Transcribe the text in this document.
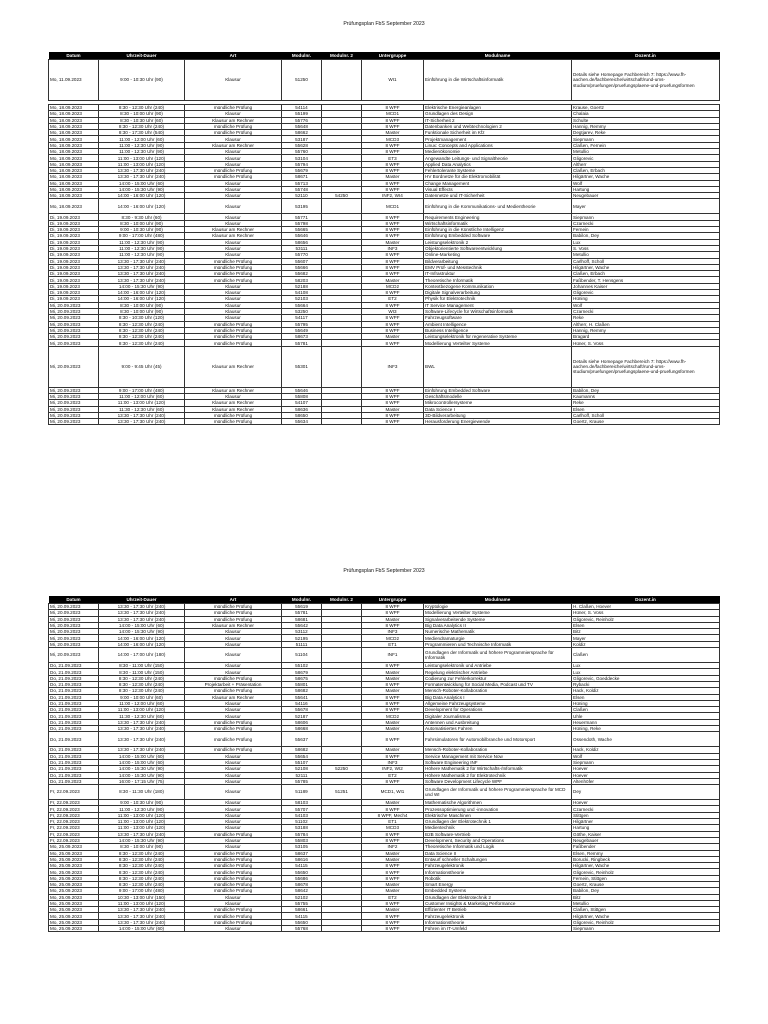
Prüfungsplan FbS September 2023
Datum	Uhrzeit-Dauer	Art	Modulnr.	Modulnr. 2	Untergruppe	Modulname	Dozent.in
Mo, 11.09.2023	9:00 - 10:30 Uhr (90)	Klausur	51250		WI1	Einführung in die Wirtschaftsinformatik	Details siehe Homepage Fachbereich 7: https://www.fh-aachen.de/fachbereiche/wirtschaft/rund-ums-studium/pruefungen/pruefungsplaene-und-pruefungsformen

Mo, 18.09.2023	8:30 - 12:30 Uhr (240)	mündliche Prüfung	54114		8 WPF	Elektrische Energieanlagen	Krause, Goertz
Mo, 18.09.2023	8:30 - 10:00 Uhr (90)	Klausur	55199		MCD1	Grundlagen des Design	Chalaia
Mo, 18.09.2023	8:30 - 10:30 Uhr (60)	Klausur am Rechner	55776		8 WPF	IT-Sicherheit 2	Schulte
Mo, 18.09.2023	8:30 - 12:30 Uhr (240)	mündliche Prüfung	55648		8 WPF	Datenbanken und Webtechnologien 2	Hannig, Remmy
Mo, 18.09.2023	8:30 - 17:30 Uhr (540)	mündliche Prüfung	58662		Master	Funktionale Sicherheit im Kfz	Degtjarev, Reke
Mo, 18.09.2023	11:00 - 12:00 Uhr (60)	Klausur	53187		MCD3	Projektmanagement	Siepmann
Mo, 18.09.2023	11:00 - 12:30 Uhr (90)	Klausur am Rechner	55628		8 WPF	Linux: Concepts and Applications	Claßen, Fernein
Mo, 18.09.2023	11:00 - 12:30 Uhr (90)	Klausur	55760		8 WPF	Medienökonomie	Metullio
Mo, 18.09.2023	11:00 - 13:00 Uhr (120)	Klausur	53104		ET3	Angewandte Leitungs- und Signaltheorie	Gligorevic
Mo, 18.09.2023	11:00 - 13:00 Uhr (120)	Klausur	55794		8 WPF	Applied Data Analytics	Altherr
Mo, 18.09.2023	13:30 - 17:30 Uhr (240)	mündliche Prüfung	55679		8 WPF	Fehlertolerante Systeme	Claßen, Erbach
Mo, 18.09.2023	13:30 - 17:30 Uhr (240)	mündliche Prüfung	58671		Master	HV Bordnetze für die Elektromobilität	Hilgärtner, Wache
Mo, 18.09.2023	14:00 - 15:00 Uhr (60)	Klausur	55713		8 WPF	Change Management	Wolf
Mo, 18.09.2023	14:00 - 15:30 Uhr (90)	Klausur	55748		8 WPF	Visual Effects	Hartung
Mo, 18.09.2023	14:00 - 16:00 Uhr (120)	Klausur	52110	54250	INF2, WI4	Datennetze und IT-Sicherheit	Neugebauer
Mo, 18.09.2023	14:00 - 16:00 Uhr (120)	Klausur	53195		MCD1	Einführung in die Kommunikations- und Medientheorie	Mayer
Di, 19.09.2023	8:30 - 9:30 Uhr (60)	Klausur	55771		8 WPF	Requirements Engineering	Siepmann
Di, 19.09.2023	8:30 - 10:00 Uhr (90)	Klausur	55798		8 WPF	Wirtschaftsinformatik	Czarnecki
Di, 19.09.2023	9:00 - 10:30 Uhr (90)	Klausur am Rechner	55665		8 WPF	Einführung in die Künstliche Intelligenz	Fernein
Di, 19.09.2023	9:00 - 17:00 Uhr (480)	Klausur am Rechner	55646		8 WPF	Einführung Embedded Software	Babilon, Dey
Di, 19.09.2023	11:00 - 12:30 Uhr (90)	Klausur	58656		Master	Leistungselektronik 2	Lux
Di, 19.09.2023	11:00 - 12:30 Uhr (90)	Klausur	53111		INF3	Objektorientierte Softwareentwicklung	S. Voss
Di, 19.09.2023	11:00 - 12:30 Uhr (90)	Klausur	55770		8 WPF	Online-Marketing	Metullio
Di, 19.09.2023	13:30 - 17:30 Uhr (240)	mündliche Prüfung	55607		8 WPF	Bildverarbeitung	Carlhoff, Scholl
Di, 19.09.2023	13:30 - 17:30 Uhr (240)	mündliche Prüfung	55666		8 WPF	EMV Prüf- und Messtechnik	Hilgärtner, Wache
Di, 19.09.2023	13:30 - 17:30 Uhr (240)	mündliche Prüfung	55682		8 WPF	IT-Infrastruktur	Claßen, Erbach
Di, 19.09.2023	13:30 - 17:30 Uhr (240)	mündliche Prüfung	58203		Master	Theoretische Informatik	Faßbender, T. Hensgens
Di, 19.09.2023	14:00 - 15:30 Uhr (90)	Klausur	52188		MCD2	Kontextbezogene Kommunikation	Johannes Kaiser
Di, 19.09.2023	14:00 - 16:00 Uhr (120)	Klausur	54108		8 WPF	Digitale Signalverarbeitung	Gligorevic
Di, 19.09.2023	14:00 - 16:00 Uhr (120)	Klausur	52103		ET2	Physik für Elektrotechnik	Hüning
Mi, 20.09.2023	8:30 - 10:00 Uhr (90)	Klausur	55664		8 WPF	IT Service Management	Wolf
Mi, 20.09.2023	8:30 - 10:00 Uhr (90)	Klausur	53250		WI3	Software-Lifecycle für Wirtschaftsinformatik	Czarnecki
Mi, 20.09.2023	8:30 - 10:30 Uhr (120)	Klausur	54117		8 WPF	Fahrzeugsoftware	Reke
Mi, 20.09.2023	8:30 - 12:30 Uhr (240)	mündliche Prüfung	55795		8 WPF	Ambient Intelligence	Altherr, H. Claßen
Mi, 20.09.2023	8:30 - 12:30 Uhr (240)	mündliche Prüfung	55649		8 WPF	Business Intelligence	Hannig, Remmy
Mi, 20.09.2023	8:30 - 12:30 Uhr (240)	mündliche Prüfung	58673		Master	Leistungselektronik für regenerative Systeme	Bragard
Mi, 20.09.2023	8:30 - 12:30 Uhr (240)	mündliche Prüfung	55781		8 WPF	Modellierung Verteilter Systeme	Hüner, S. Voss
Mi, 20.09.2023	9:00 - 9:45 Uhr (45)	Klausur am Rechner	55301		INF3	BWL	Details siehe Homepage Fachbereich 7: https://www.fh-aachen.de/fachbereiche/wirtschaft/rund-ums-studium/pruefungen/pruefungsplaene-und-pruefungsformen
Mi, 20.09.2023	9:00 - 17:00 Uhr (480)	Klausur am Rechner	55646		8 WPF	Einführung Embedded Software	Babilon, Dey
Mi, 20.09.2023	11:00 - 12:00 Uhr (60)	Klausur	55808		8 WPF	Geschäftsmodelle	Kaumanns
Mi, 20.09.2023	11:00 - 13:00 Uhr (120)	Klausur am Rechner	54107		8 WPF	Mikrocontrollersysteme	Reke
Mi, 20.09.2023	11:30 - 12:30 Uhr (60)	Klausur am Rechner	58636		Master	Data Science I	Elsen
Mi, 20.09.2023	13:30 - 17:30 Uhr (240)	mündliche Prüfung	58650		8 WPF	3D-Bildverarbeitung	Carlhoff, Scholl
Mi, 20.09.2023	13:30 - 17:30 Uhr (240)	mündliche Prüfung	55634		8 WPF	Herausforderung Energiewende	Goertz, Krause
Prüfungsplan FbS September 2023
Datum	Uhrzeit-Dauer	Art	Modulnr.	Modulnr. 2	Untergruppe	Modulname	Dozent.in
Mi, 20.09.2023	13:30 - 17:30 Uhr (240)	mündliche Prüfung	55619		8 WPF	Kryptologie	H. Claßen, Hoever
Mi, 20.09.2023	13:30 - 17:30 Uhr (240)	mündliche Prüfung	55781		8 WPF	Modellierung Verteilter Systeme	Hüner, S. Voss
Mi, 20.09.2023	13:30 - 17:30 Uhr (240)	mündliche Prüfung	58681		Master	Signalverarbeitende Systeme	Gligorevic, Reinholz
Mi, 20.09.2023	14:00 - 15:00 Uhr (60)	Klausur am Rechner	55642		8 WPF	Big Data Analytics II	Elsen
Mi, 20.09.2023	14:00 - 15:30 Uhr (90)	Klausur	53112		INF3	Numerische Mathematik	Bitz
Mi, 20.09.2023	14:00 - 16:00 Uhr (120)	Klausur	52195		MCD2	Mediendramaturgie	Mayer
Mi, 20.09.2023	14:00 - 16:00 Uhr (120)	Klausur	51111		ET1	Programmieren und Technische Informatik	Koldiz
Mi, 20.09.2023	14:00 - 17:00 Uhr (180)	Klausur	51104		INF1	Grundlagen der Informatik und höhere Programmiersprache für Informatik	Claßen
Do, 21.09.2023	8:30 - 11:00 Uhr (150)	Klausur	55102		8 WPF	Leistungselektronik und Antriebe	Lux
Do, 21.09.2023	8:30 - 11:00 Uhr (150)	Klausur	58679		Master	Regelung elektrischer Antriebe	Lux
Do, 21.09.2023	8:30 - 12:30 Uhr (240)	mündliche Prüfung	58675		Master	Codierung zur Fehlerkorrektur	Gligorevic, Goeddecke
Do, 21.09.2023	8:30 - 12:30 Uhr (240)	Projektarbeit + Präsentation	55801		8 WPF	Formatentwicklung für Social Media, Podcast und TV	Rybacki
Do, 21.09.2023	8:30 - 12:30 Uhr (240)	mündliche Prüfung	58682		Master	Mensch-Roboter-Kollaboration	Hack, Koldiz
Do, 21.09.2023	9:00 - 10:00 Uhr (60)	Klausur am Rechner	55641		8 WPF	Big Data Analytics I	Elsen
Do, 21.09.2023	11:00 - 12:00 Uhr (60)	Klausur	54116		8 WPF	Allgemeine Fahrzeugsysteme	Hüning
Do, 21.09.2023	11:00 - 13:00 Uhr (120)	Klausur	55678		8 WPF	Development for Operations	Claßen
Do, 21.09.2023	11:30 - 12:30 Uhr (60)	Klausur	52187		MCD2	Digitaler Journalismus	Uhle
Do, 21.09.2023	13:30 - 17:30 Uhr (240)	mündliche Prüfung	58606		Master	Antennen und Ausbreitung	Heuermann
Do, 21.09.2023	13:30 - 17:30 Uhr (240)	mündliche Prüfung	58668		Master	Automatisiertes Fahren	Hüning, Reke
Do, 21.09.2023	13:30 - 17:30 Uhr (240)	mündliche Prüfung	55637		8 WPF	Fahrsimulatoren für Automobilbranche und Motorsport	Ossendoth, Wache
Do, 21.09.2023	13:30 - 17:30 Uhr (240)	mündliche Prüfung	58682		Master	Mensch-Roboter-Kollaboration	Hack, Koldiz
Do, 21.09.2023	14:00 - 15:00 Uhr (60)	Klausur	55654		8 WPF	Service Management mit Service Now	Wolf
Do, 21.09.2023	14:00 - 15:00 Uhr (60)	Klausur	55107		INF3	Software Engineering INF	Siepmann
Do, 21.09.2023	14:00 - 15:30 Uhr (90)	Klausur	52108	52250	INF2, WI2	Höhere Mathematik 2 für Wirtschafts-/Informatik	Hoever
Do, 21.09.2023	14:00 - 15:30 Uhr (90)	Klausur	52111		ET2	Höhere Mathematik 2 für Elektrotechnik	Hoever
Do, 21.09.2023	16:00 - 17:15 Uhr (75)	Klausur	55785		8 WPF	Software Development Lifecycle WPF	Altenhöfer
Fr, 22.09.2023	8:30 - 11:30 Uhr (180)	Klausur	51189	51251	MCD1, WI1	Grundlagen der Informatik und höhere Programmiersprache für MCD und WI	Dey
Fr, 22.09.2023	9:00 - 10:30 Uhr (90)	Klausur	58103		Master	Mathematische Algorithmen	Hoever
Fr, 22.09.2023	11:00 - 12:30 Uhr (90)	Klausur	55707		8 WPF	Prozessoptimierung und -innovation	Czarnecki
Fr, 22.09.2023	11:00 - 13:00 Uhr (120)	Klausur	54103		8 WPF, Mech4	Elektrische Maschinen	Stittgen
Fr, 22.09.2023	11:00 - 13:00 Uhr (120)	Klausur	51102		ET1	Grundlagen der Elektrotechnik 1	Hilgärtner
Fr, 22.09.2023	11:00 - 13:00 Uhr (120)	Klausur	53188		MCD3	Medientechnik	Hartung
Fr, 22.09.2023	13:30 - 17:30 Uhr (240)	mündliche Prüfung	55784		8 WPF	B2B Software-Vertrieb	Göthe, Kaiser
Fr, 22.09.2023	14:00 - 15:30 Uhr (90)	Klausur	55803		8 WPF	Development, Security and Operations	Neugebauer
Mo, 25.09.2023	8:30 - 10:00 Uhr (90)	Klausur	53105		INF2	Theoretische Informatik und Logik	Faßbender
Mo, 25.09.2023	8:30 - 12:30 Uhr (240)	mündliche Prüfung	58637		Master	Data Science II	Elsen, Remmy
Mo, 25.09.2023	8:30 - 12:30 Uhr (240)	mündliche Prüfung	58616		Master	Entwurf schneller Schaltungen	Borucki, Ringbeck
Mo, 25.09.2023	8:30 - 12:30 Uhr (240)	mündliche Prüfung	54115		8 WPF	Fahrzeugelektronik	Hilgärtner, Wache
Mo, 25.09.2023	8:30 - 12:30 Uhr (240)	mündliche Prüfung	55650		8 WPF	Informationstheorie	Gligorevic, Reinholz
Mo, 25.09.2023	8:30 - 12:30 Uhr (240)	mündliche Prüfung	55686		8 WPF	Robotik	Fernein, Stittgen
Mo, 25.09.2023	8:30 - 12:30 Uhr (240)	mündliche Prüfung	58678		Master	Smart Energy	Goertz, Krause
Mo, 25.09.2023	9:00 - 17:00 Uhr (480)	mündliche Prüfung	58642		Master	Embedded Systems	Babilon, Dey
Mo, 25.09.2023	10:30 - 13:00 Uhr (150)	Klausur	52102		ET2	Grundlagen der Elektrotechnik 2	Bitz
Mo, 25.09.2023	11:00 - 13:00 Uhr (120)	Klausur	55755		8 WPF	Customer Insights & Marketing Performance	Metullio
Mo, 25.09.2023	13:30 - 17:30 Uhr (240)	mündliche Prüfung	58661		Master	Effizienter IT Betrieb	Claßen, Stittgen
Mo, 25.09.2023	13:30 - 17:30 Uhr (240)	mündliche Prüfung	54115		8 WPF	Fahrzeugelektronik	Hilgärtner, Wache
Mo, 25.09.2023	13:30 - 17:30 Uhr (240)	mündliche Prüfung	55650		8 WPF	Informationstheorie	Gligorevic, Reinholz
Mo, 25.09.2023	14:00 - 15:00 Uhr (60)	Klausur	55768		8 WPF	Führen im IT-Umfeld	Siepmann
